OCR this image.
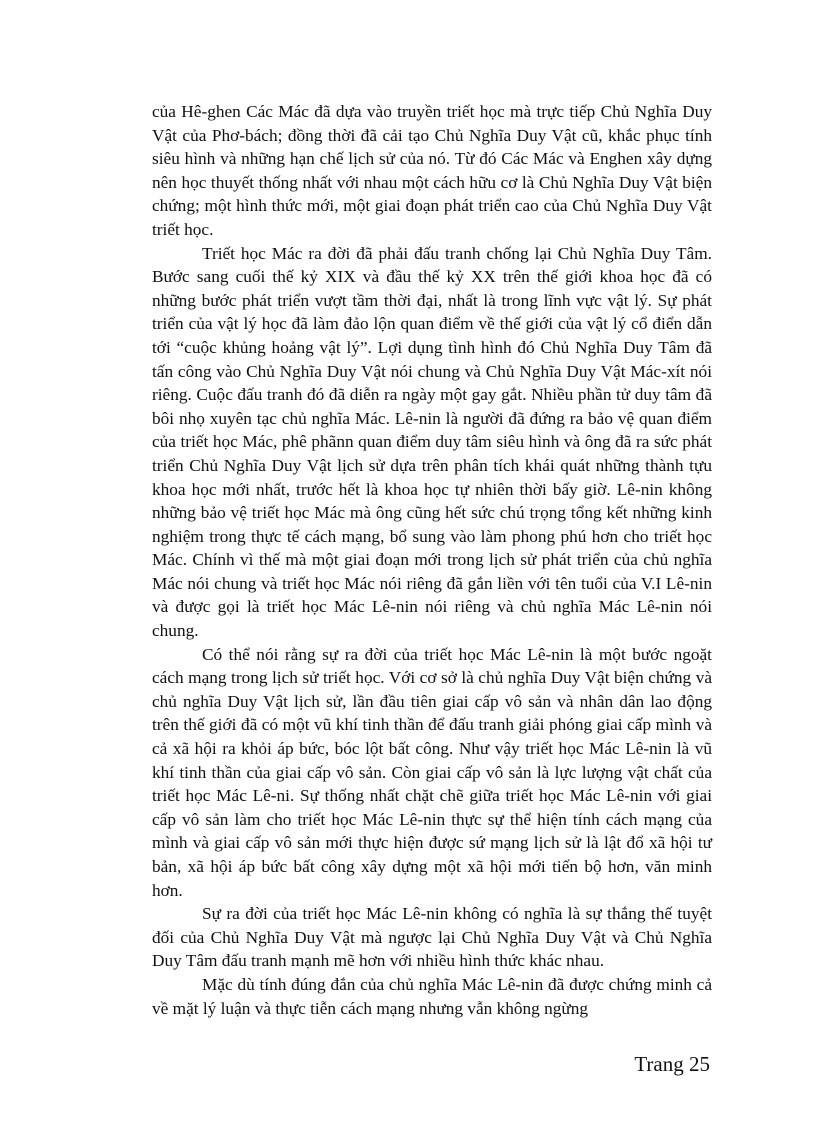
của Hê-ghen Các Mác đã dựa vào truyền triết học mà trực tiếp Chủ Nghĩa Duy Vật của Phơ-bách; đồng thời đã cải tạo Chủ Nghĩa Duy Vật cũ, khắc phục tính siêu hình và những hạn chế lịch sử của nó. Từ đó Các Mác và Enghen xây dựng nên học thuyết thống nhất với nhau một cách hữu cơ là Chủ Nghĩa Duy Vật biện chứng; một hình thức mới, một giai đoạn phát triển cao của Chủ Nghĩa Duy Vật triết học.

Triết học Mác ra đời đã phải đấu tranh chống lại Chủ Nghĩa Duy Tâm. Bước sang cuối thế kỷ XIX và đầu thế kỷ XX trên thế giới khoa học đã có những bước phát triển vượt tầm thời đại, nhất là trong lĩnh vực vật lý. Sự phát triển của vật lý học đã làm đảo lộn quan điểm về thế giới của vật lý cổ điển dẫn tới “cuộc khủng hoảng vật lý”. Lợi dụng tình hình đó Chủ Nghĩa Duy Tâm đã tấn công vào Chủ Nghĩa Duy Vật nói chung và Chủ Nghĩa Duy Vật Mác-xít nói riêng. Cuộc đấu tranh đó đã diễn ra ngày một gay gắt. Nhiều phần tử duy tâm đã bôi nhọ xuyên tạc chủ nghĩa Mác. Lê-nin là người đã đứng ra bảo vệ quan điểm của triết học Mác, phê phãnn quan điểm duy tâm siêu hình và ông đã ra sức phát triển Chủ Nghĩa Duy Vật lịch sử dựa trên phân tích khái quát những thành tựu khoa học mới nhất, trước hết là khoa học tự nhiên thời bấy giờ. Lê-nin không những bảo vệ triết học Mác mà ông cũng hết sức chú trọng tổng kết những kinh nghiệm trong thực tế cách mạng, bổ sung vào làm phong phú hơn cho triết học Mác. Chính vì thế mà một giai đoạn mới trong lịch sử phát triển của chủ nghĩa Mác nói chung và triết học Mác nói riêng đã gắn liền với tên tuổi của V.I Lê-nin và được gọi là triết học Mác Lê-nin nói riêng và chủ nghĩa Mác Lê-nin nói chung.

Có thể nói rằng sự ra đời của triết học Mác Lê-nin là một bước ngoặt cách mạng trong lịch sử triết học. Với cơ sở là chủ nghĩa Duy Vật biện chứng và chủ nghĩa Duy Vật lịch sử, lần đầu tiên giai cấp vô sản và nhân dân lao động trên thế giới đã có một vũ khí tinh thần để đấu tranh giải phóng giai cấp mình và cả xã hội ra khỏi áp bức, bóc lột bất công. Như vậy triết học Mác Lê-nin là vũ khí tinh thần của giai cấp vô sản. Còn giai cấp vô sản là lực lượng vật chất của triết học Mác Lê-ni. Sự thống nhất chặt chẽ giữa triết học Mác Lê-nin với giai cấp vô sản làm cho triết học Mác Lê-nin thực sự thể hiện tính cách mạng của mình và giai cấp vô sản mới thực hiện được sứ mạng lịch sử là lật đổ xã hội tư bản, xã hội áp bức bất công xây dựng một xã hội mới tiến bộ hơn, văn minh hơn.

Sự ra đời của triết học Mác Lê-nin không có nghĩa là sự thắng thế tuyệt đối của Chủ Nghĩa Duy Vật mà ngược lại Chủ Nghĩa Duy Vật và Chủ Nghĩa Duy Tâm đấu tranh mạnh mẽ hơn với nhiều hình thức khác nhau.

Mặc dù tính đúng đắn của chủ nghĩa Mác Lê-nin đã được chứng minh cả về mặt lý luận và thực tiễn cách mạng nhưng vẫn không ngừng

Trang 25
